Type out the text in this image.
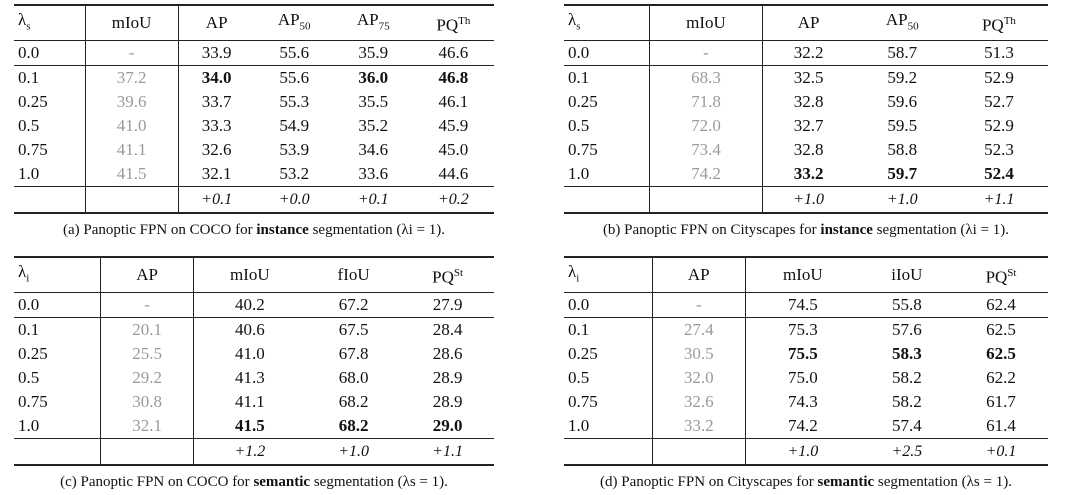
$\lambda_s$	mIoU	AP	$AP_{50}$	$AP_{75}$	$PQ^{Th}$
0.0	-	33.9	55.6	35.9	46.6
0.1	37.2	34.0	55.6	36.0	46.8
0.25	39.6	33.7	55.3	35.5	46.1
0.5	41.0	33.3	54.9	35.2	45.9
0.75	41.1	32.6	53.9	34.6	45.0
1.0	41.5	32.1	53.2	33.6	44.6
		+0.1	+0.0	+0.1	+0.2
(a) Panoptic FPN on COCO for instance segmentation (λi = 1).
$\lambda_s$	mIoU	AP	$AP_{50}$	$PQ^{Th}$
0.0	-	32.2	58.7	51.3
0.1	68.3	32.5	59.2	52.9
0.25	71.8	32.8	59.6	52.7
0.5	72.0	32.7	59.5	52.9
0.75	73.4	32.8	58.8	52.3
1.0	74.2	33.2	59.7	52.4
		+1.0	+1.0	+1.1
(b) Panoptic FPN on Cityscapes for instance segmentation (λi = 1).
$\lambda_i$	AP	mIoU	fIoU	$PQ^{St}$
0.0	-	40.2	67.2	27.9
0.1	20.1	40.6	67.5	28.4
0.25	25.5	41.0	67.8	28.6
0.5	29.2	41.3	68.0	28.9
0.75	30.8	41.1	68.2	28.9
1.0	32.1	41.5	68.2	29.0
		+1.2	+1.0	+1.1
(c) Panoptic FPN on COCO for semantic segmentation (λs = 1).
$\lambda_i$	AP	mIoU	iIoU	$PQ^{St}$
0.0	-	74.5	55.8	62.4
0.1	27.4	75.3	57.6	62.5
0.25	30.5	75.5	58.3	62.5
0.5	32.0	75.0	58.2	62.2
0.75	32.6	74.3	58.2	61.7
1.0	33.2	74.2	57.4	61.4
		+1.0	+2.5	+0.1
(d) Panoptic FPN on Cityscapes for semantic segmentation (λs = 1).
